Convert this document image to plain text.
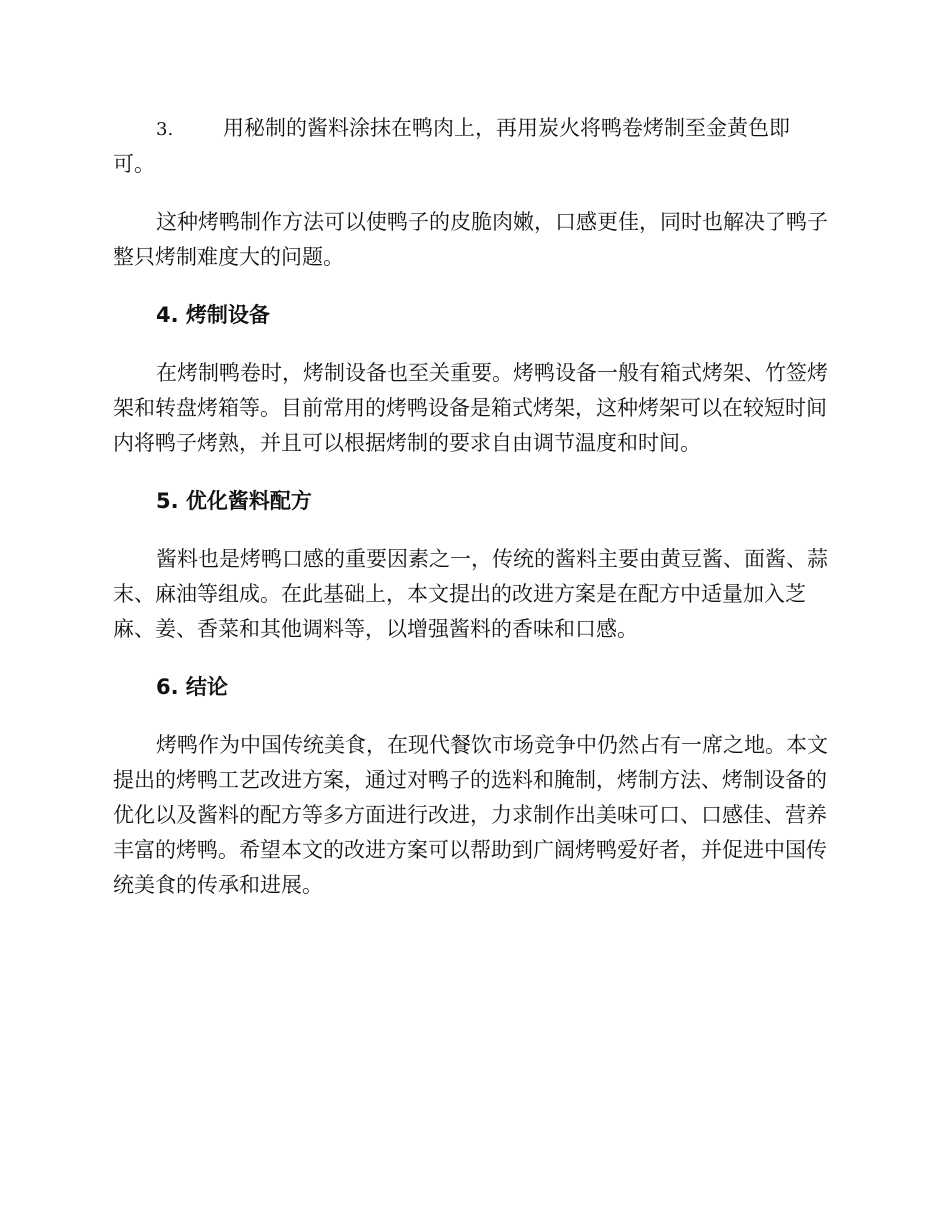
3. 用秘制的酱料涂抹在鸭肉上，再用炭火将鸭卷烤制至金黄色即可。

这种烤鸭制作方法可以使鸭子的皮脆肉嫩，口感更佳，同时也解决了鸭子整只烤制难度大的问题。

4. 烤制设备

在烤制鸭卷时，烤制设备也至关重要。烤鸭设备一般有箱式烤架、竹签烤架和转盘烤箱等。目前常用的烤鸭设备是箱式烤架，这种烤架可以在较短时间内将鸭子烤熟，并且可以根据烤制的要求自由调节温度和时间。

5. 优化酱料配方

酱料也是烤鸭口感的重要因素之一，传统的酱料主要由黄豆酱、面酱、蒜末、麻油等组成。在此基础上，本文提出的改进方案是在配方中适量加入芝麻、姜、香菜和其他调料等，以增强酱料的香味和口感。

6. 结论

烤鸭作为中国传统美食，在现代餐饮市场竞争中仍然占有一席之地。本文提出的烤鸭工艺改进方案，通过对鸭子的选料和腌制，烤制方法、烤制设备的优化以及酱料的配方等多方面进行改进，力求制作出美味可口、口感佳、营养丰富的烤鸭。希望本文的改进方案可以帮助到广阔烤鸭爱好者，并促进中国传统美食的传承和进展。
